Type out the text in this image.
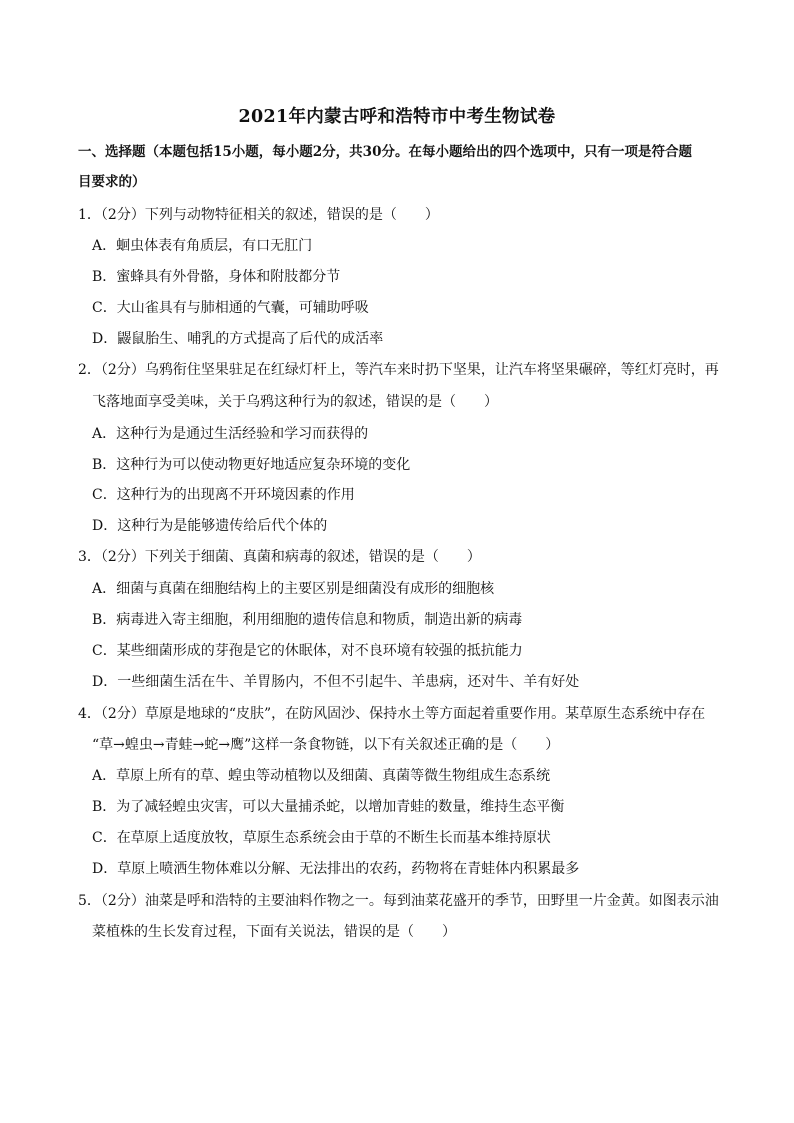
2021年内蒙古呼和浩特市中考生物试卷
一、选择题（本题包括15小题，每小题2分，共30分。在每小题给出的四个选项中，只有一项是符合题
目要求的）
1．（2分）下列与动物特征相关的叙述，错误的是（　　）
A．蛔虫体表有角质层，有口无肛门
B．蜜蜂具有外骨骼，身体和附肢都分节
C．大山雀具有与肺相通的气囊，可辅助呼吸
D．鼹鼠胎生、哺乳的方式提高了后代的成活率
2．（2分）乌鸦衔住坚果驻足在红绿灯杆上，等汽车来时扔下坚果，让汽车将坚果碾碎，等红灯亮时，再
飞落地面享受美味，关于乌鸦这种行为的叙述，错误的是（　　）
A．这种行为是通过生活经验和学习而获得的
B．这种行为可以使动物更好地适应复杂环境的变化
C．这种行为的出现离不开环境因素的作用
D．这种行为是能够遗传给后代个体的
3．（2分）下列关于细菌、真菌和病毒的叙述，错误的是（　　）
A．细菌与真菌在细胞结构上的主要区别是细菌没有成形的细胞核
B．病毒进入寄主细胞，利用细胞的遗传信息和物质，制造出新的病毒
C．某些细菌形成的芽孢是它的休眠体，对不良环境有较强的抵抗能力
D．一些细菌生活在牛、羊胃肠内，不但不引起牛、羊患病，还对牛、羊有好处
4．（2分）草原是地球的“皮肤”，在防风固沙、保持水土等方面起着重要作用。某草原生态系统中存在
“草→蝗虫→青蛙→蛇→鹰”这样一条食物链，以下有关叙述正确的是（　　）
A．草原上所有的草、蝗虫等动植物以及细菌、真菌等微生物组成生态系统
B．为了减轻蝗虫灾害，可以大量捕杀蛇，以增加青蛙的数量，维持生态平衡
C．在草原上适度放牧，草原生态系统会由于草的不断生长而基本维持原状
D．草原上喷洒生物体难以分解、无法排出的农药，药物将在青蛙体内积累最多
5．（2分）油菜是呼和浩特的主要油料作物之一。每到油菜花盛开的季节，田野里一片金黄。如图表示油
菜植株的生长发育过程，下面有关说法，错误的是（　　）
